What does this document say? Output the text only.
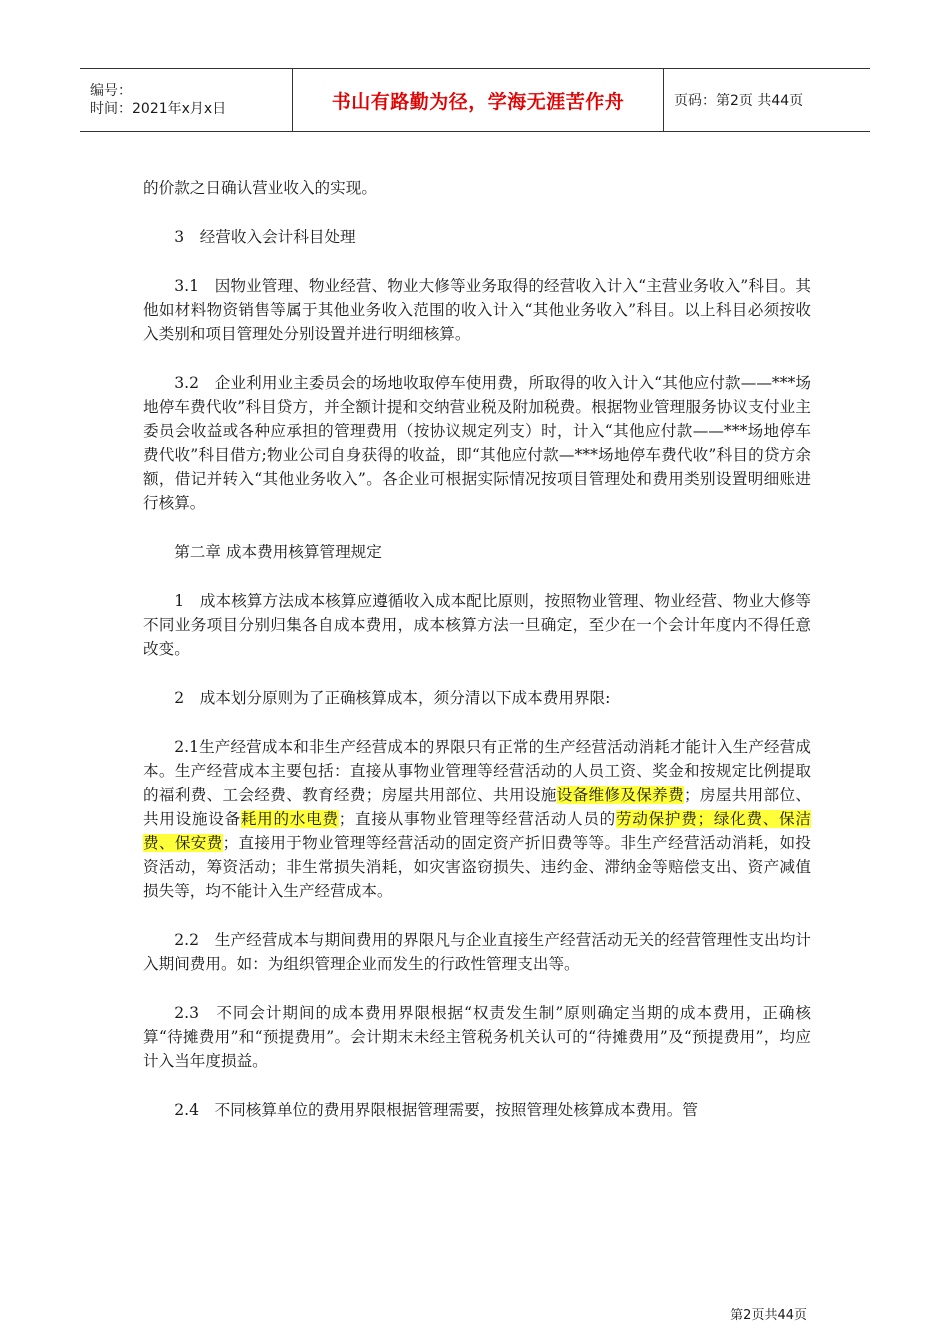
编号：
时间：2021年x月x日	书山有路勤为径，学海无涯苦作舟	页码：第2页 共44页

的价款之日确认营业收入的实现。

3　经营收入会计科目处理

3.1　因物业管理、物业经营、物业大修等业务取得的经营收入计入“主营业务收入”科目。其他如材料物资销售等属于其他业务收入范围的收入计入“其他业务收入”科目。以上科目必须按收入类别和项目管理处分别设置并进行明细核算。

3.2　企业利用业主委员会的场地收取停车使用费，所取得的收入计入“其他应付款——***场地停车费代收”科目贷方，并全额计提和交纳营业税及附加税费。根据物业管理服务协议支付业主委员会收益或各种应承担的管理费用（按协议规定列支）时，计入“其他应付款——***场地停车费代收”科目借方;物业公司自身获得的收益，即“其他应付款—***场地停车费代收”科目的贷方余额，借记并转入“其他业务收入”。各企业可根据实际情况按项目管理处和费用类别设置明细账进 行核算。

第二章 成本费用核算管理规定

1　成本核算方法成本核算应遵循收入成本配比原则，按照物业管理、物业经营、物业大修等不同业务项目分别归集各自成本费用，成本核算方法一旦确定，至少在一个会计年度内不得任意改变。

2　成本划分原则为了正确核算成本，须分清以下成本费用界限:

2.1生产经营成本和非生产经营成本的界限只有正常的生产经营活动消耗才能计入生产经营成本。生产经营成本主要包括：直接从事物业管理等经营活动的人员工资、奖金和按规定比例提取的福利费、工会经费、教育经费；房屋共用部位、共用设施设备维修及保养费；房屋共用部位、共用设施设备耗用的水电费；直接从事物业管理等经营活动人员的劳动保护费；绿化费、保洁费、保安费；直接用于物业管理等经营活动的固定资产折旧费等等。非生产经营活动消耗，如投资活动，筹资活动；非生常损失消耗，如灾害盗窃损失、违约金、滞纳金等赔偿支出、资产减值损失等，均不能计入生产经营成本。

2.2　生产经营成本与期间费用的界限凡与企业直接生产经营活动无关的经营管理性支出均计入期间费用。如：为组织管理企业而发生的行政性管理支出等。

2.3　不同会计期间的成本费用界限根据“权责发生制”原则确定当期的成本费用，正确核算“待摊费用”和“预提费用”。会计期末未经主管税务机关认可的“待摊费用”及“预提费用”，均应计入当年度损益。

2.4　不同核算单位的费用界限根据管理需要，按照管理处核算成本费用。管

第2页共44页
